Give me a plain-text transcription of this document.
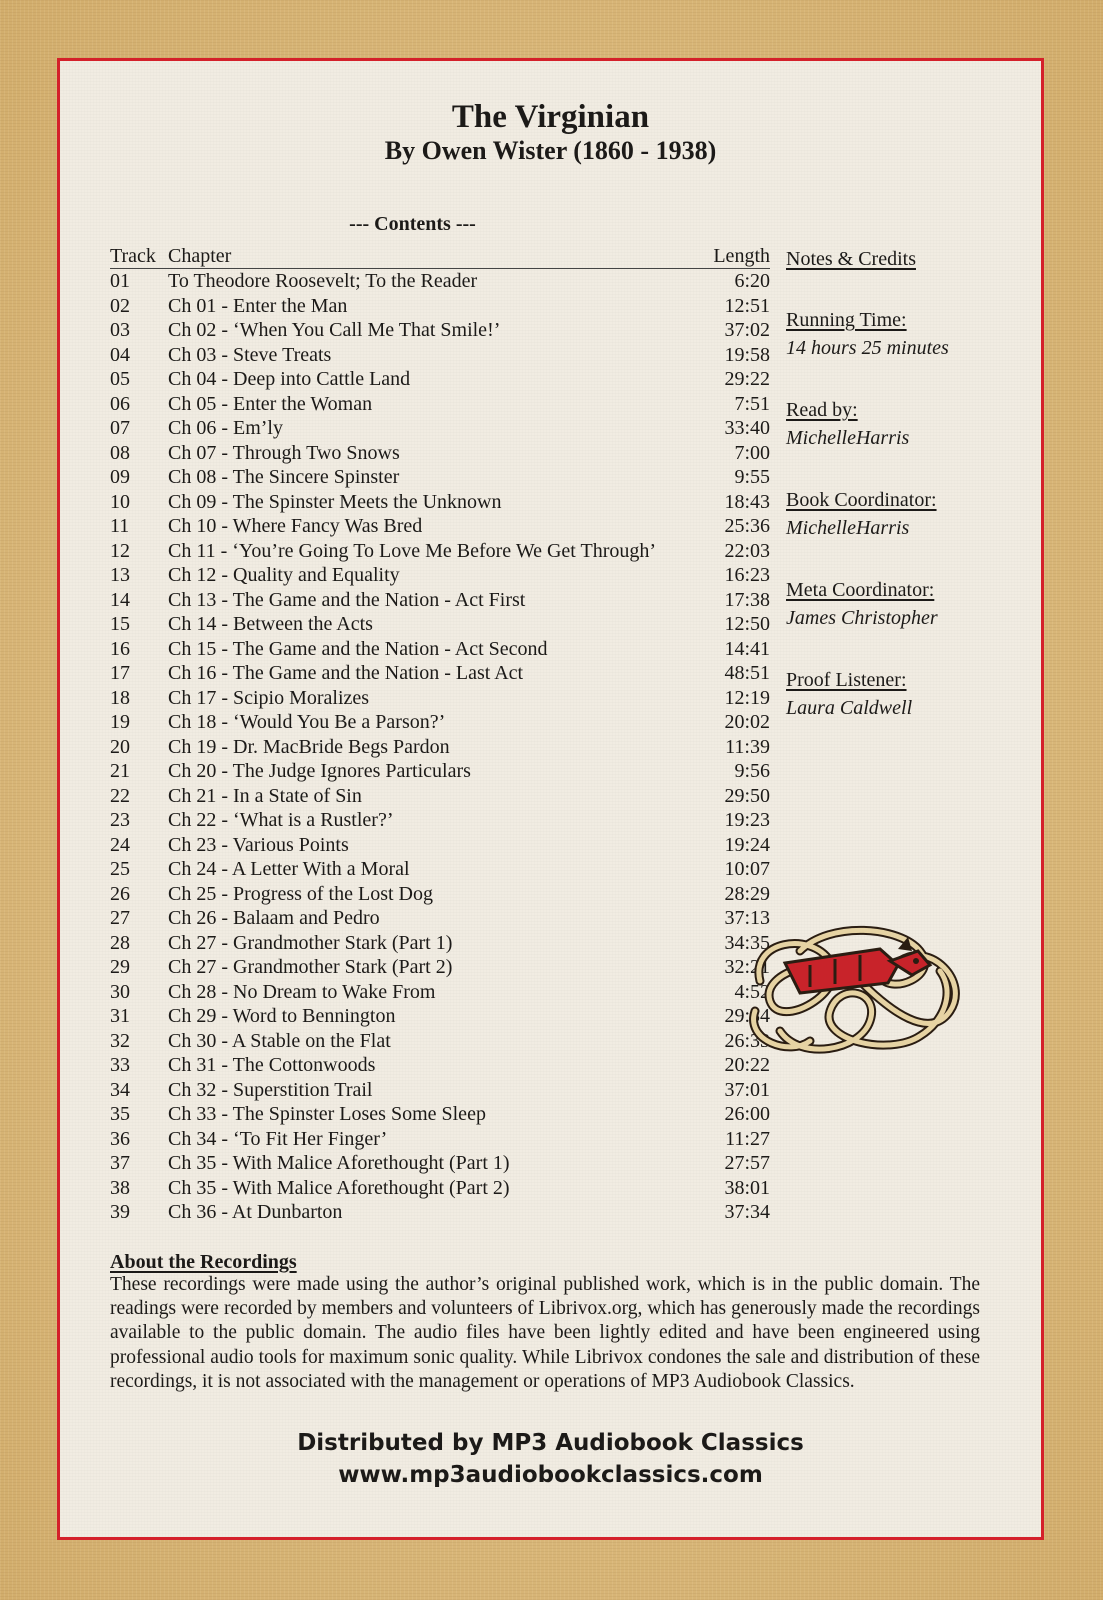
The Virginian
By Owen Wister (1860 - 1938)
--- Contents ---
Track Chapter	Length
01 To Theodore Roosevelt; To the Reader	6:20
02 Ch 01 - Enter the Man	12:51
03 Ch 02 - ‘When You Call Me That Smile!’	37:02
04 Ch 03 - Steve Treats	19:58
05 Ch 04 - Deep into Cattle Land	29:22
06 Ch 05 - Enter the Woman	7:51
07 Ch 06 - Em’ly	33:40
08 Ch 07 - Through Two Snows	7:00
09 Ch 08 - The Sincere Spinster	9:55
10 Ch 09 - The Spinster Meets the Unknown	18:43
11 Ch 10 - Where Fancy Was Bred	25:36
12 Ch 11 - ‘You’re Going To Love Me Before We Get Through’	22:03
13 Ch 12 - Quality and Equality	16:23
14 Ch 13 - The Game and the Nation - Act First	17:38
15 Ch 14 - Between the Acts	12:50
16 Ch 15 - The Game and the Nation - Act Second	14:41
17 Ch 16 - The Game and the Nation - Last Act	48:51
18 Ch 17 - Scipio Moralizes	12:19
19 Ch 18 - ‘Would You Be a Parson?’	20:02
20 Ch 19 - Dr. MacBride Begs Pardon	11:39
21 Ch 20 - The Judge Ignores Particulars	9:56
22 Ch 21 - In a State of Sin	29:50
23 Ch 22 - ‘What is a Rustler?’	19:23
24 Ch 23 - Various Points	19:24
25 Ch 24 - A Letter With a Moral	10:07
26 Ch 25 - Progress of the Lost Dog	28:29
27 Ch 26 - Balaam and Pedro	37:13
28 Ch 27 - Grandmother Stark (Part 1)	34:35
29 Ch 27 - Grandmother Stark (Part 2)	32:21
30 Ch 28 - No Dream to Wake From	4:52
31 Ch 29 - Word to Bennington	29:34
32 Ch 30 - A Stable on the Flat	26:33
33 Ch 31 - The Cottonwoods	20:22
34 Ch 32 - Superstition Trail	37:01
35 Ch 33 - The Spinster Loses Some Sleep	26:00
36 Ch 34 - ‘To Fit Her Finger’	11:27
37 Ch 35 - With Malice Aforethought (Part 1)	27:57
38 Ch 35 - With Malice Aforethought (Part 2)	38:01
39 Ch 36 - At Dunbarton	37:34
Notes & Credits
Running Time:
14 hours 25 minutes
Read by:
MichelleHarris
Book Coordinator:
MichelleHarris
Meta Coordinator:
James Christopher
Proof Listener:
Laura Caldwell
About the Recordings
These recordings were made using the author’s original published work, which is in the public domain. The readings were recorded by members and volunteers of Librivox.org, which has generously made the recordings available to the public domain. The audio files have been lightly edited and have been engineered using professional audio tools for maximum sonic quality. While Librivox condones the sale and distribution of these recordings, it is not associated with the management or operations of MP3 Audiobook Classics.
Distributed by MP3 Audiobook Classics
www.mp3audiobookclassics.com
